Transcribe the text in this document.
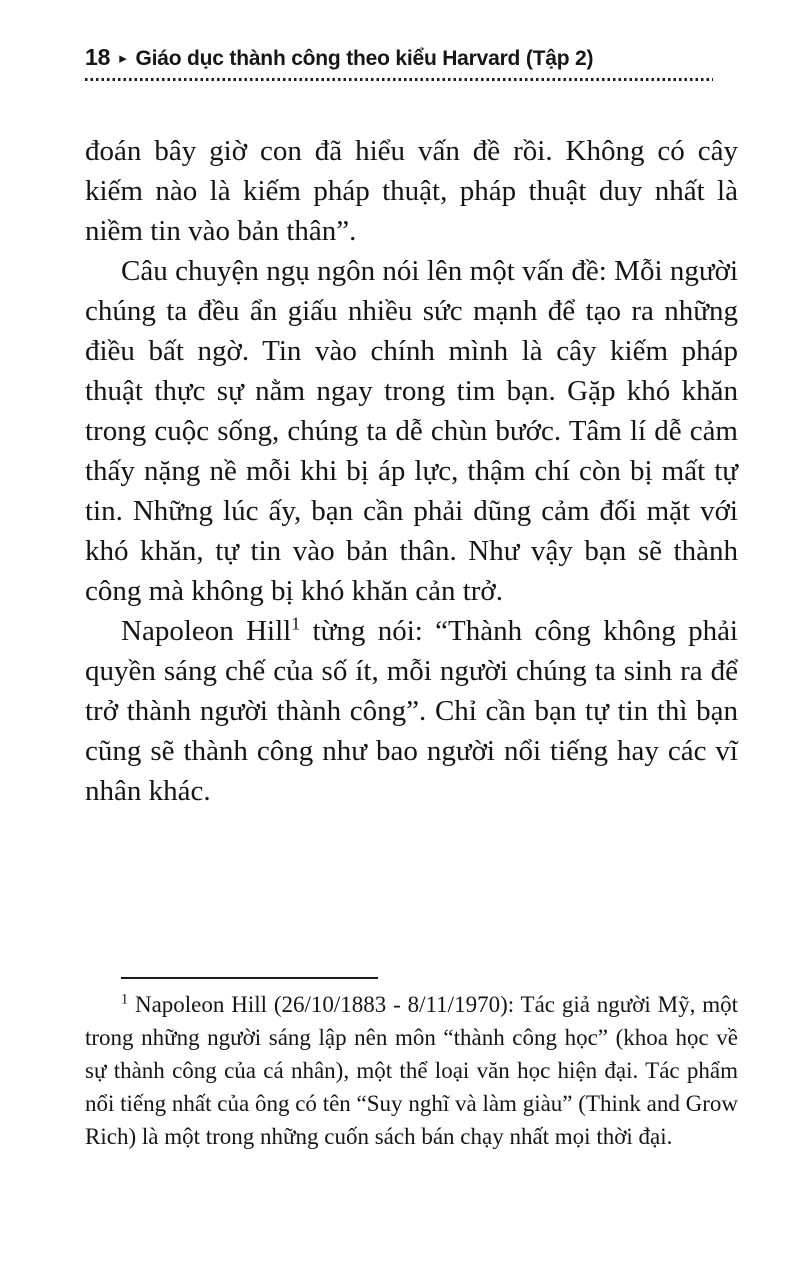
18 ▸ Giáo dục thành công theo kiểu Harvard (Tập 2)

đoán bây giờ con đã hiểu vấn đề rồi. Không có cây kiếm nào là kiếm pháp thuật, pháp thuật duy nhất là niềm tin vào bản thân”.

Câu chuyện ngụ ngôn nói lên một vấn đề: Mỗi người chúng ta đều ẩn giấu nhiều sức mạnh để tạo ra những điều bất ngờ. Tin vào chính mình là cây kiếm pháp thuật thực sự nằm ngay trong tim bạn. Gặp khó khăn trong cuộc sống, chúng ta dễ chùn bước. Tâm lí dễ cảm thấy nặng nề mỗi khi bị áp lực, thậm chí còn bị mất tự tin. Những lúc ấy, bạn cần phải dũng cảm đối mặt với khó khăn, tự tin vào bản thân. Như vậy bạn sẽ thành công mà không bị khó khăn cản trở.

Napoleon Hill$^1$ từng nói: “Thành công không phải quyền sáng chế của số ít, mỗi người chúng ta sinh ra để trở thành người thành công”. Chỉ cần bạn tự tin thì bạn cũng sẽ thành công như bao người nổi tiếng hay các vĩ nhân khác.

$^1$ Napoleon Hill (26/10/1883 - 8/11/1970): Tác giả người Mỹ, một trong những người sáng lập nên môn “thành công học” (khoa học về sự thành công của cá nhân), một thể loại văn học hiện đại. Tác phẩm nổi tiếng nhất của ông có tên “Suy nghĩ và làm giàu” (Think and Grow Rich) là một trong những cuốn sách bán chạy nhất mọi thời đại.
